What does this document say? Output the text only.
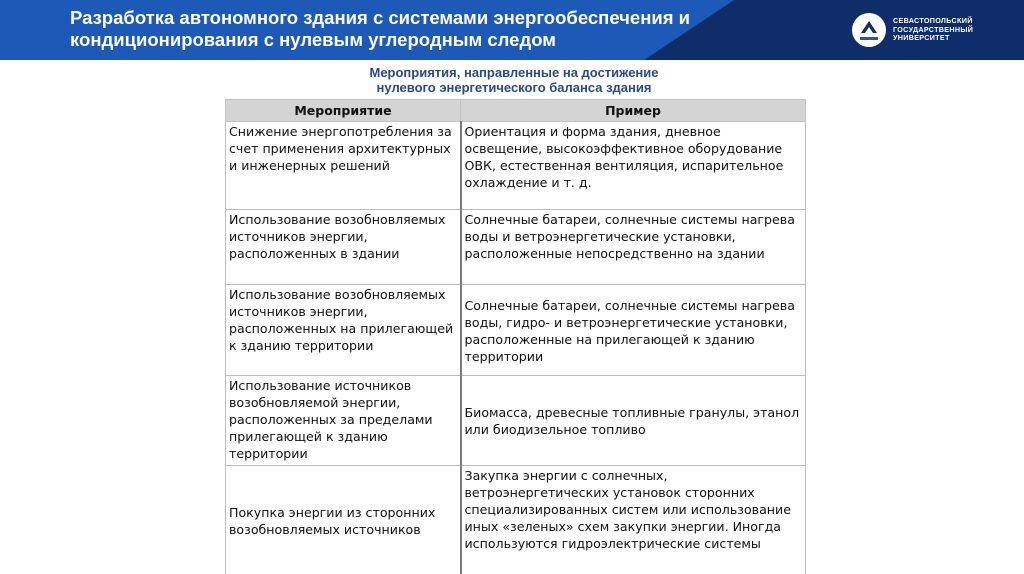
Разработка автономного здания с системами энергообеспечения и
кондиционирования с нулевым углеродным следом
СЕВАСТОПОЛЬСКИЙ
ГОСУДАРСТВЕННЫЙ
УНИВЕРСИТЕТ
Мероприятия, направленные на достижение
нулевого энергетического баланса здания
Мероприятие	Пример
Снижение энергопотребления за счет применения архитектурных и инженерных решений	Ориентация и форма здания, дневное освещение, высокоэффективное оборудование ОВК, естественная вентиляция, испарительное охлаждение и т. д.
Использование возобновляемых источников энергии, расположенных в здании	Солнечные батареи, солнечные системы нагрева воды и ветроэнергетические установки, расположенные непосредственно на здании
Использование возобновляемых источников энергии, расположенных на прилегающей к зданию территории	Солнечные батареи, солнечные системы нагрева воды, гидро- и ветроэнергетические установки, расположенные на прилегающей к зданию территории
Использование источников возобновляемой энергии, расположенных за пределами прилегающей к зданию территории	Биомасса, древесные топливные гранулы, этанол или биодизельное топливо
Покупка энергии из сторонних возобновляемых источников	Закупка энергии с солнечных, ветроэнергетических установок сторонних специализированных систем или использование иных «зеленых» схем закупки энергии. Иногда используются гидроэлектрические системы
